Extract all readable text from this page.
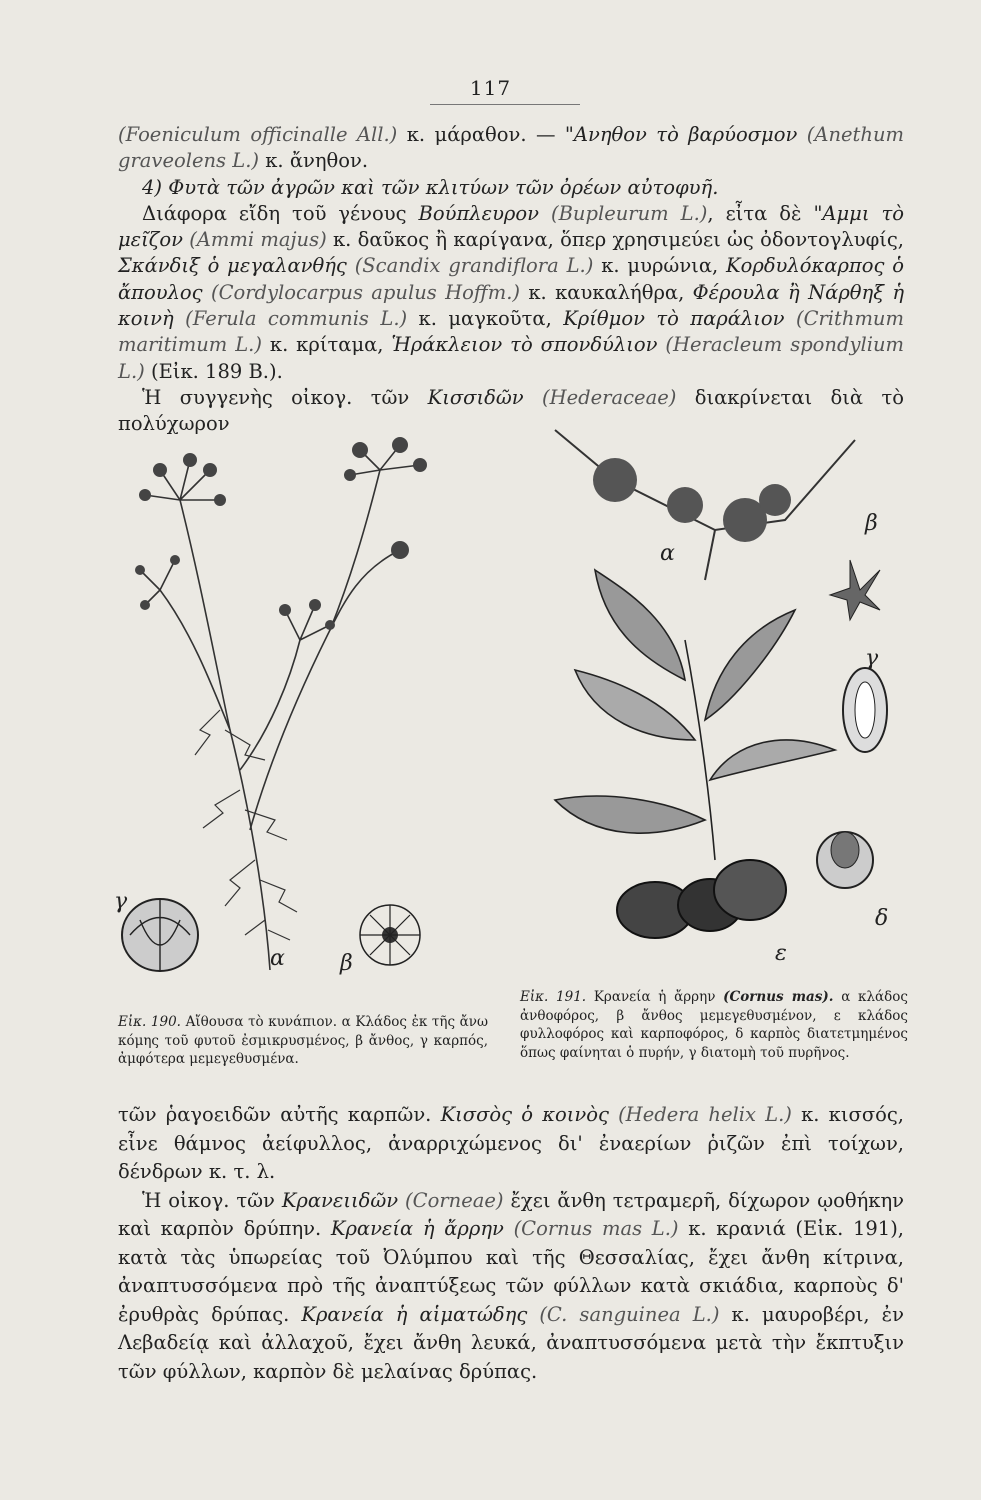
117

(Foeniculum officinalle All.) κ. μάραθον. — "Ανηθον τὸ βαρύοσμον (Anethum graveolens L.) κ. ἄνηθον.

4) Φυτὰ τῶν ἀγρῶν καὶ τῶν κλιτύων τῶν ὀρέων αὐτοφυῆ.

Διάφορα εἴδη τοῦ γένους Βούπλευρον (Bupleurum L.), εἶτα δὲ "Αμμι τὸ μεῖζον (Ammi majus) κ. δαῦκος ἢ καρίγανα, ὅπερ χρησιμεύει ὡς ὀδοντογλυφίς, Σκάνδιξ ὁ μεγαλανθής (Scandix grandiflora L.) κ. μυρώνια, Κορδυλόκαρπος ὁ ἄπουλος (Cordylocarpus apulus Hoffm.) κ. καυκαλήθρα, Φέρουλα ἢ Νάρθηξ ἡ κοινὴ (Ferula communis L.) κ. μαγκοῦτα, Κρίθμον τὸ παράλιον (Crithmum maritimum L.) κ. κρίταμα, Ἡράκλειον τὸ σπονδύλιον (Heracleum spondylium L.) (Εἰκ. 189 Β.).

Ἡ συγγενὴς οἰκογ. τῶν Κισσιδῶν (Hederaceae) διακρίνεται διὰ τὸ πολύχωρον

γ
α	β
α
β
γ
δ
ε
Εἰκ. 190. Αἴθουσα τὸ κυνάπιον. α Κλάδος ἐκ τῆς ἄνω κόμης τοῦ φυτοῦ ἐσμικρυσμένος, β ἄνθος, γ καρπός, ἀμφότερα μεμεγεθυσμένα.
Εἰκ. 191. Κρανεία ἡ ἄρρην (Cornus mas). α κλάδος ἀνθοφόρος, β ἄνθος μεμεγεθυσμένον, ε κλάδος φυλλοφόρος καὶ καρποφόρος, δ καρπὸς διατετμημένος ὅπως φαίνηται ὁ πυρήν, γ διατομὴ τοῦ πυρῆνος.

τῶν ῥαγοειδῶν αὐτῆς καρπῶν. Κισσὸς ὁ κοινὸς (Hedera helix L.) κ. κισσός, εἶνε θάμνος ἀείφυλλος, ἀναρριχώμενος δι' ἐναερίων ῥιζῶν ἐπὶ τοίχων, δένδρων κ. τ. λ.

Ἡ οἰκογ. τῶν Κρανειιδῶν (Corneae) ἔχει ἄνθη τετραμερῆ, δίχωρον ῳοθήκην καὶ καρπὸν δρύπην. Κρανεία ἡ ἄρρην (Cornus mas L.) κ. κρανιά (Εἰκ. 191), κατὰ τὰς ὑπωρείας τοῦ Ὀλύμπου καὶ τῆς Θεσσαλίας, ἔχει ἄνθη κίτρινα, ἀναπτυσσόμενα πρὸ τῆς ἀναπτύξεως τῶν φύλλων κατὰ σκιάδια, καρποὺς δ' ἐρυθρὰς δρύπας. Κρανεία ἡ αἱματώδης (C. sanguinea L.) κ. μαυροβέρι, ἐν Λεβαδείᾳ καὶ ἀλλαχοῦ, ἔχει ἄνθη λευκά, ἀναπτυσσόμενα μετὰ τὴν ἔκπτυξιν τῶν φύλλων, καρπὸν δὲ μελαίνας δρύπας.
